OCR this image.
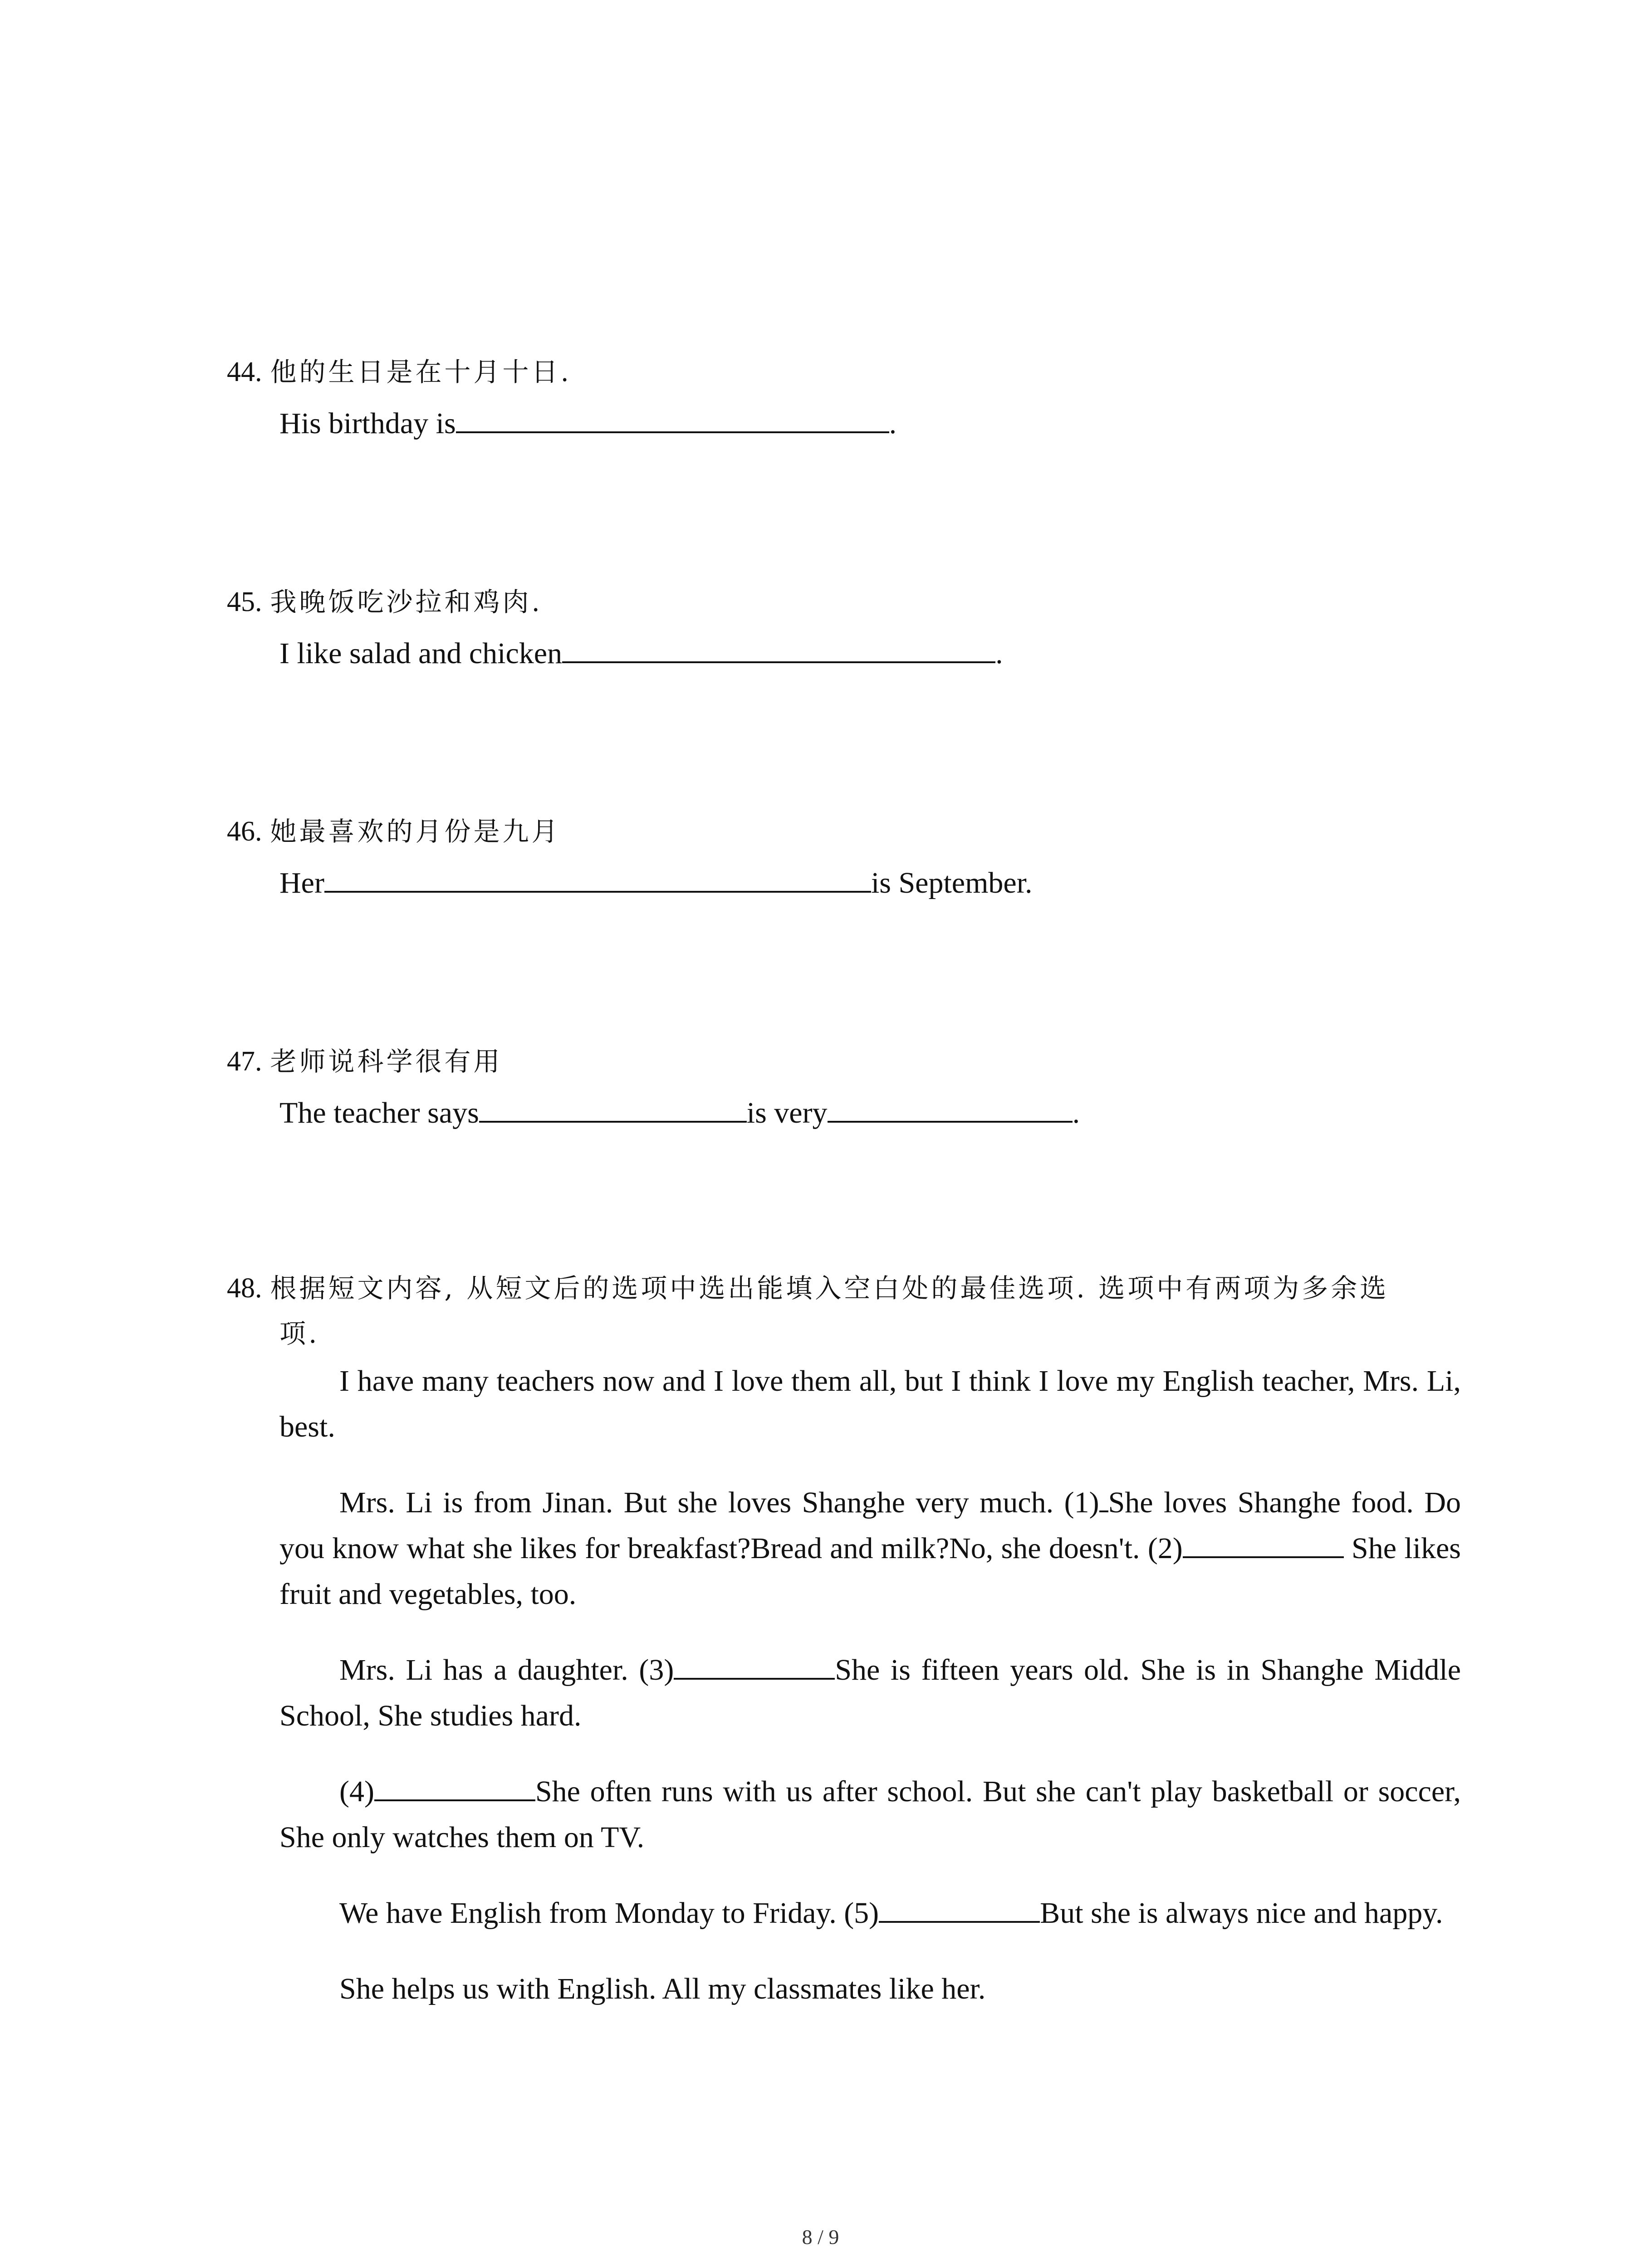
44. 他的生日是在十月十日.
His birthday is	.
45. 我晚饭吃沙拉和鸡肉.
I like salad and chicken	.
46. 她最喜欢的月份是九月
Her	is September.
47. 老师说科学很有用
The teacher says	is very	.
48. 根据短文内容, 从短文后的选项中选出能填入空白处的最佳选项. 选项中有两项为多余选
项.

I have many teachers now and I love them all, but I think I love my English teacher, Mrs. Li, best.

Mrs. Li is from Jinan. But she loves Shanghe very much. (1) She loves Shanghe food. Do you know what she likes for breakfast?Bread and milk?No, she doesn't. (2)	She likes fruit and vegetables, too.

Mrs. Li has a daughter. (3)	She is fifteen years old. She is in Shanghe Middle School, She studies hard.

(4)	She often runs with us after school. But she can't play basketball or soccer, She only watches them on TV.

We have English from Monday to Friday. (5)	But she is always nice and happy.

She helps us with English. All my classmates like her.

8 / 9
